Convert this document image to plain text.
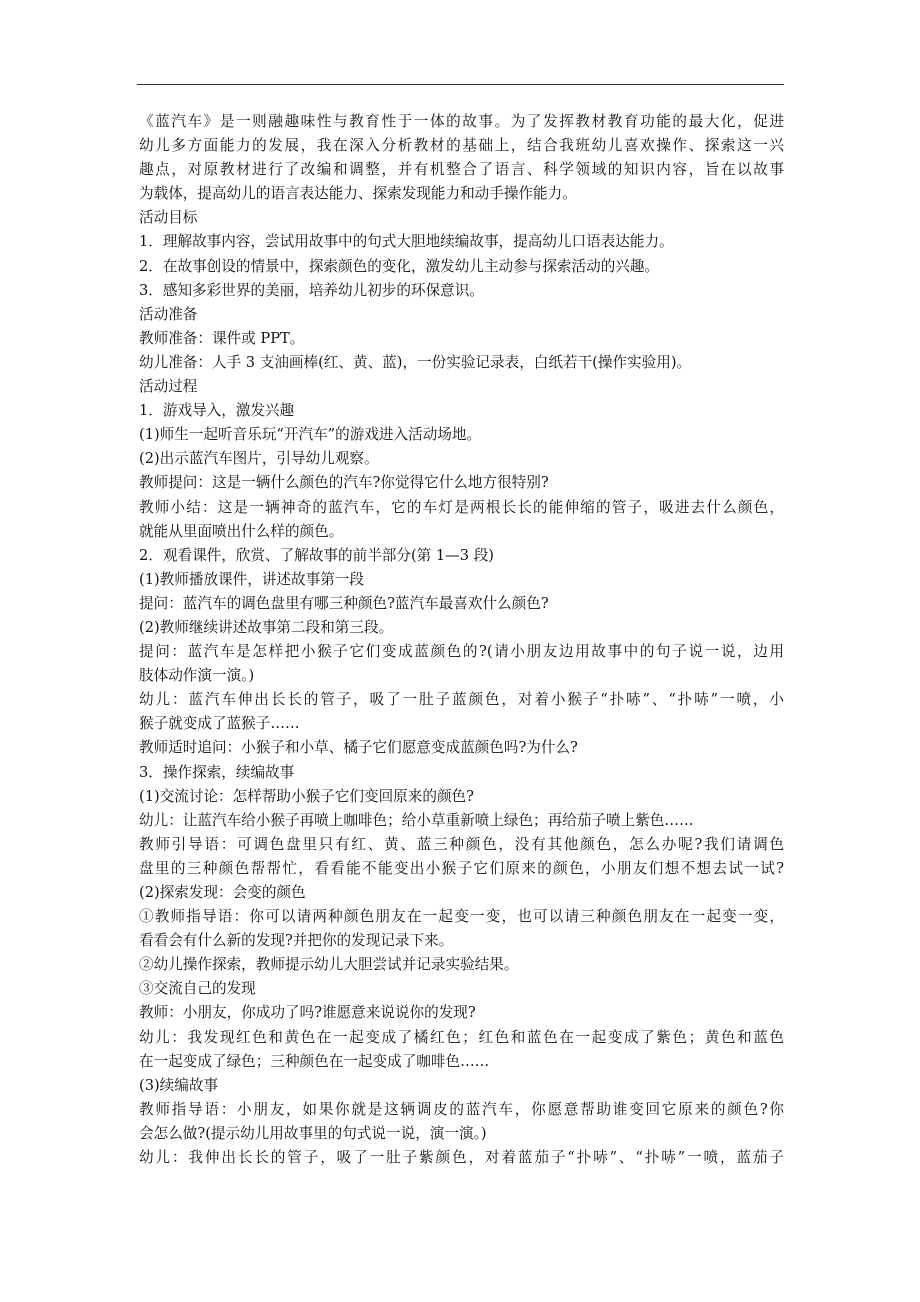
《蓝汽车》是一则融趣味性与教育性于一体的故事。为了发挥教材教育功能的最大化，促进
幼儿多方面能力的发展，我在深入分析教材的基础上，结合我班幼儿喜欢操作、探索这一兴
趣点，对原教材进行了改编和调整，并有机整合了语言、科学领域的知识内容，旨在以故事
为载体，提高幼儿的语言表达能力、探索发现能力和动手操作能力。
活动目标
1．理解故事内容，尝试用故事中的句式大胆地续编故事，提高幼儿口语表达能力。
2．在故事创设的情景中，探索颜色的变化，激发幼儿主动参与探索活动的兴趣。
3．感知多彩世界的美丽，培养幼儿初步的环保意识。
活动准备
教师准备：课件或 PPT。
幼儿准备：人手 3 支油画棒(红、黄、蓝)，一份实验记录表，白纸若干(操作实验用)。
活动过程
1．游戏导入，激发兴趣
(1)师生一起听音乐玩“开汽车”的游戏进入活动场地。
(2)出示蓝汽车图片，引导幼儿观察。
教师提问：这是一辆什么颜色的汽车?你觉得它什么地方很特别?
教师小结：这是一辆神奇的蓝汽车，它的车灯是两根长长的能伸缩的管子，吸进去什么颜色，
就能从里面喷出什么样的颜色。
2．观看课件，欣赏、了解故事的前半部分(第 1—3 段)
(1)教师播放课件，讲述故事第一段
提问：蓝汽车的调色盘里有哪三种颜色?蓝汽车最喜欢什么颜色?
(2)教师继续讲述故事第二段和第三段。
提问：蓝汽车是怎样把小猴子它们变成蓝颜色的?(请小朋友边用故事中的句子说一说，边用
肢体动作演一演。)
幼儿：蓝汽车伸出长长的管子，吸了一肚子蓝颜色，对着小猴子“扑哧”、“扑哧”一喷，小
猴子就变成了蓝猴子……
教师适时追问：小猴子和小草、橘子它们愿意变成蓝颜色吗?为什么?
3．操作探索，续编故事
(1)交流讨论：怎样帮助小猴子它们变回原来的颜色?
幼儿：让蓝汽车给小猴子再喷上咖啡色；给小草重新喷上绿色；再给茄子喷上紫色……
教师引导语：可调色盘里只有红、黄、蓝三种颜色，没有其他颜色，怎么办呢?我们请调色
盘里的三种颜色帮帮忙，看看能不能变出小猴子它们原来的颜色，小朋友们想不想去试一试?
(2)探索发现：会变的颜色
①教师指导语：你可以请两种颜色朋友在一起变一变，也可以请三种颜色朋友在一起变一变，
看看会有什么新的发现?并把你的发现记录下来。
②幼儿操作探索，教师提示幼儿大胆尝试并记录实验结果。
③交流自己的发现
教师：小朋友，你成功了吗?谁愿意来说说你的发现?
幼儿：我发现红色和黄色在一起变成了橘红色；红色和蓝色在一起变成了紫色；黄色和蓝色
在一起变成了绿色；三种颜色在一起变成了咖啡色……
(3)续编故事
教师指导语：小朋友，如果你就是这辆调皮的蓝汽车，你愿意帮助谁变回它原来的颜色?你
会怎么做?(提示幼儿用故事里的句式说一说，演一演。)
幼儿：我伸出长长的管子，吸了一肚子紫颜色，对着蓝茄子“扑哧”、“扑哧”一喷，蓝茄子
